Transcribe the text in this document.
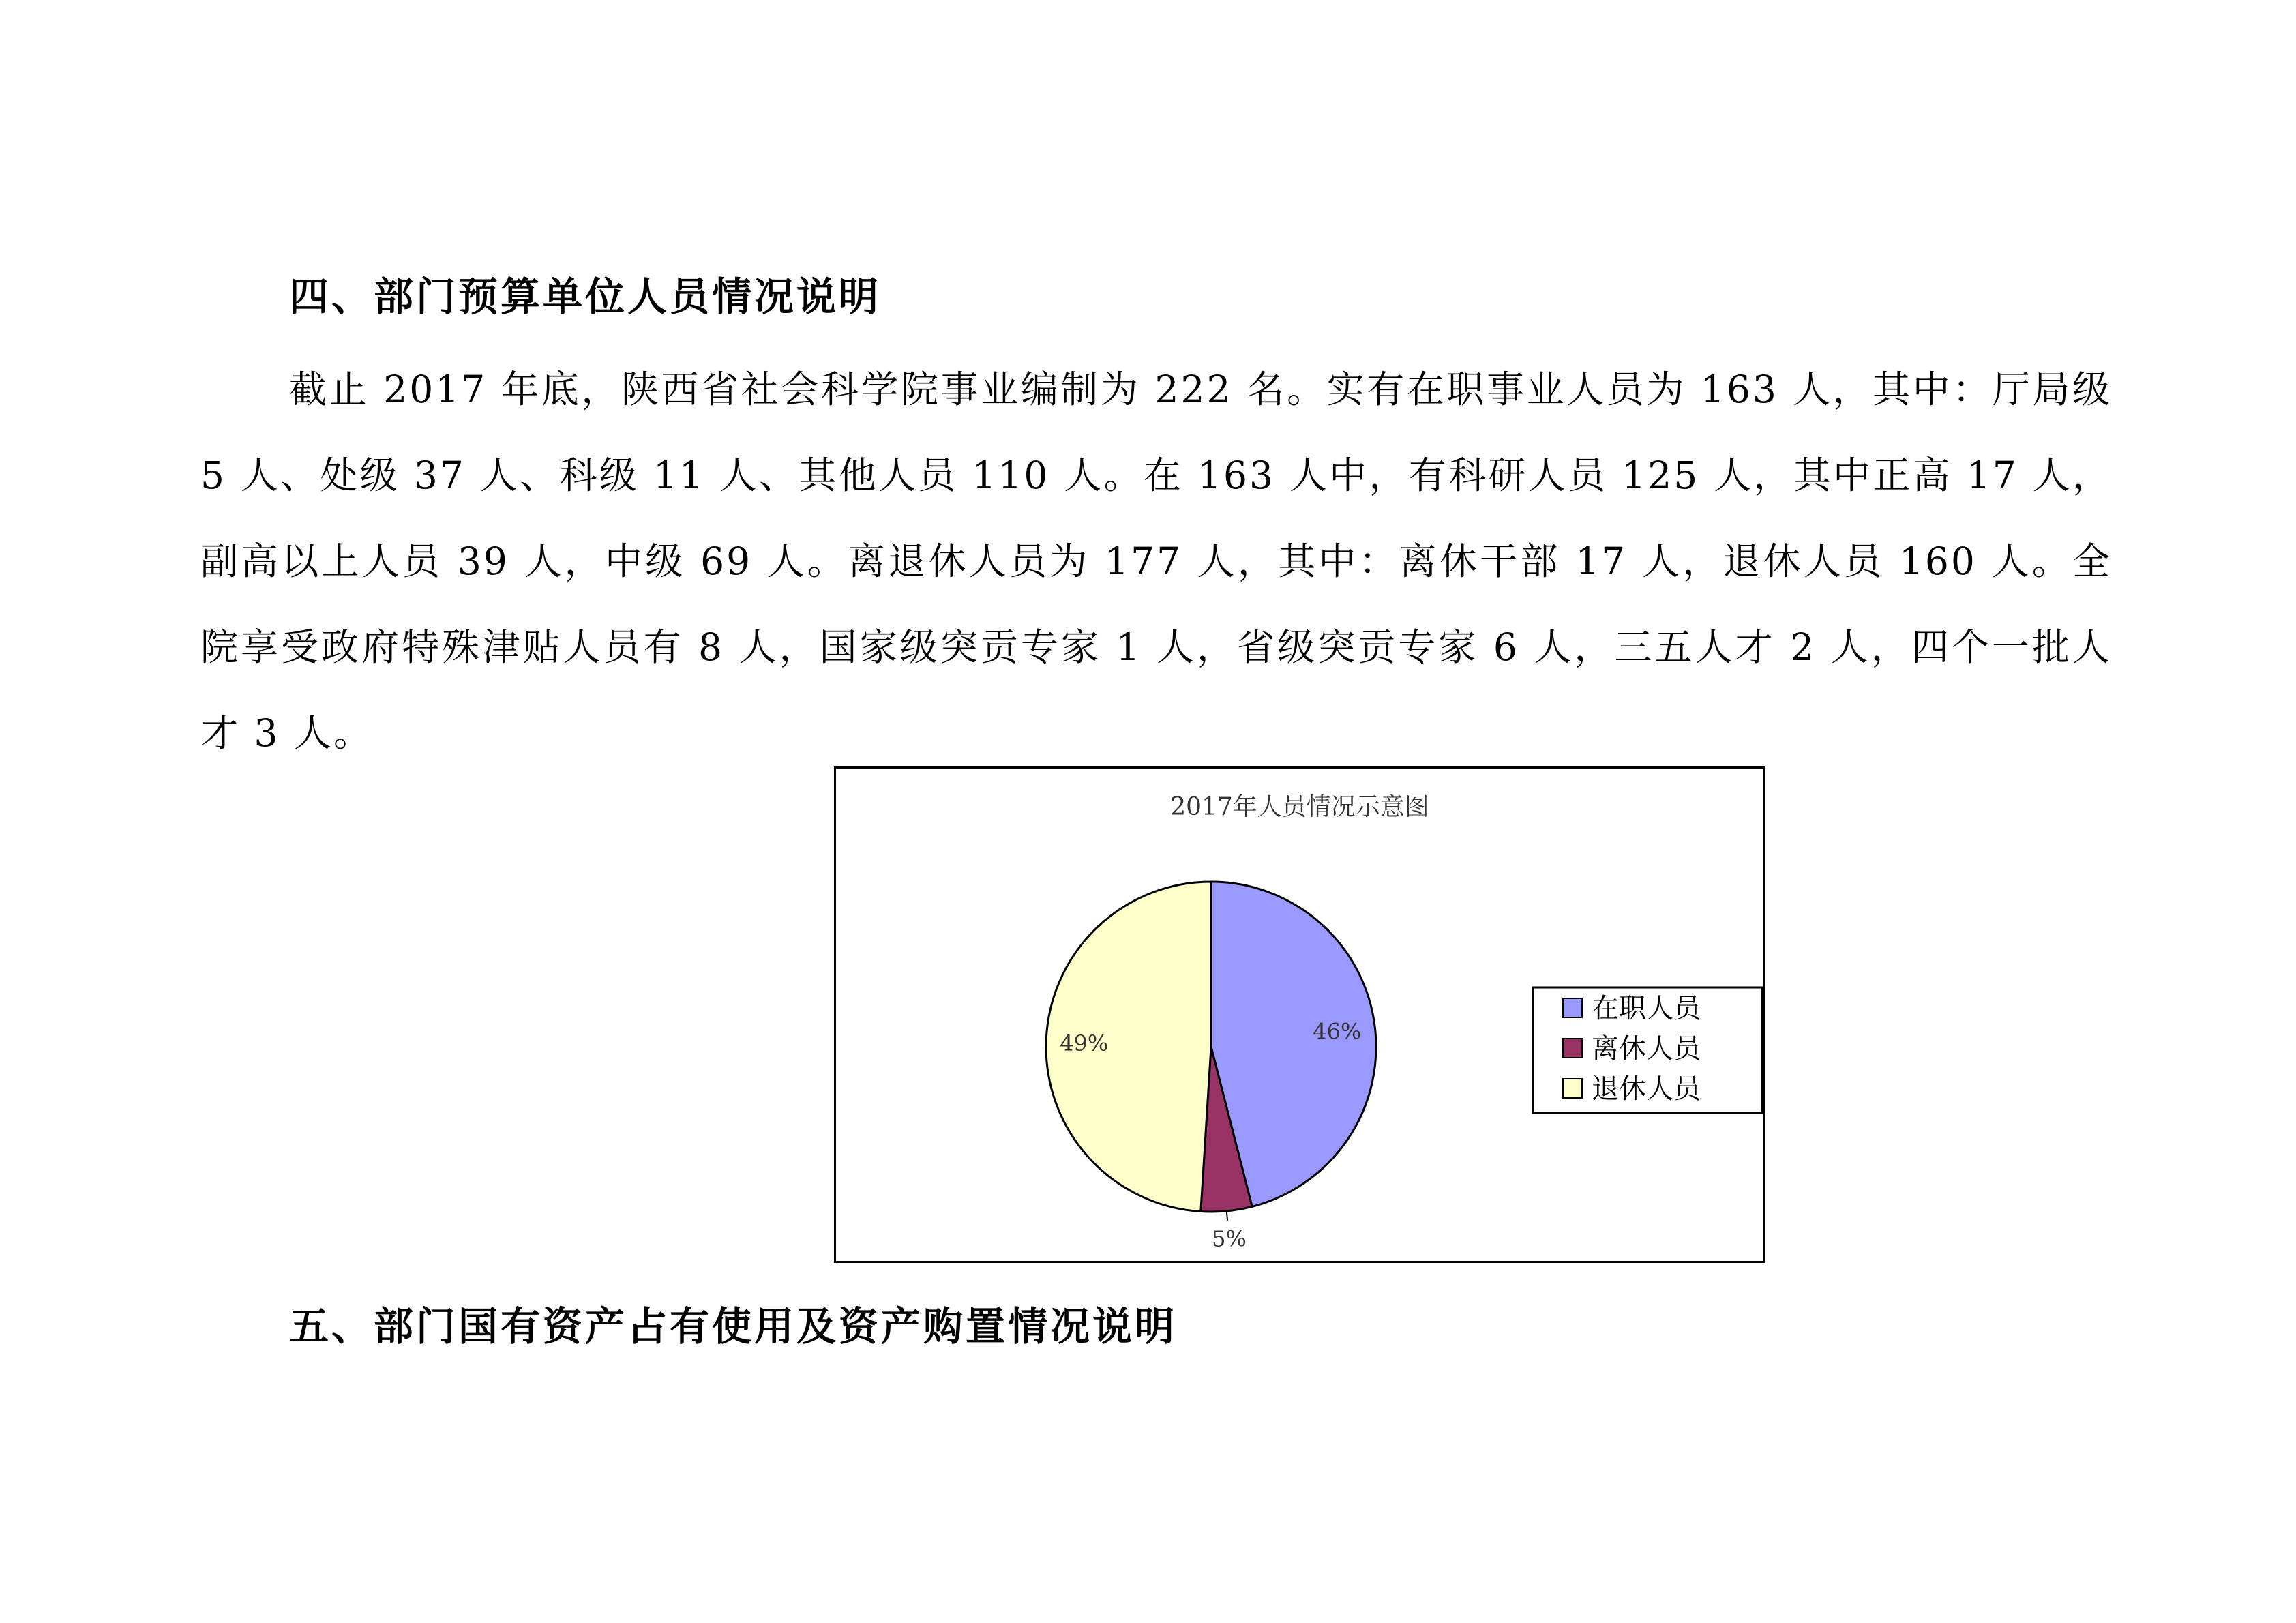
四、部门预算单位人员情况说明

截止 2017 年底，陕西省社会科学院事业编制为 222 名。实有在职事业人员为 163 人，其中：厅局级 5 人、处级 37 人、科级 11 人、其他人员 110 人。在 163 人中，有科研人员 125 人，其中正高 17 人，副高以上人员 39 人，中级 69 人。离退休人员为 177 人，其中：离休干部 17 人，退休人员 160 人。全院享受政府特殊津贴人员有 8 人，国家级突贡专家 1 人，省级突贡专家 6 人，三五人才 2 人，四个一批人才 3 人。

2017年人员情况示意图
46%
5%
49%
在职人员
离休人员
退休人员
五、部门国有资产占有使用及资产购置情况说明
